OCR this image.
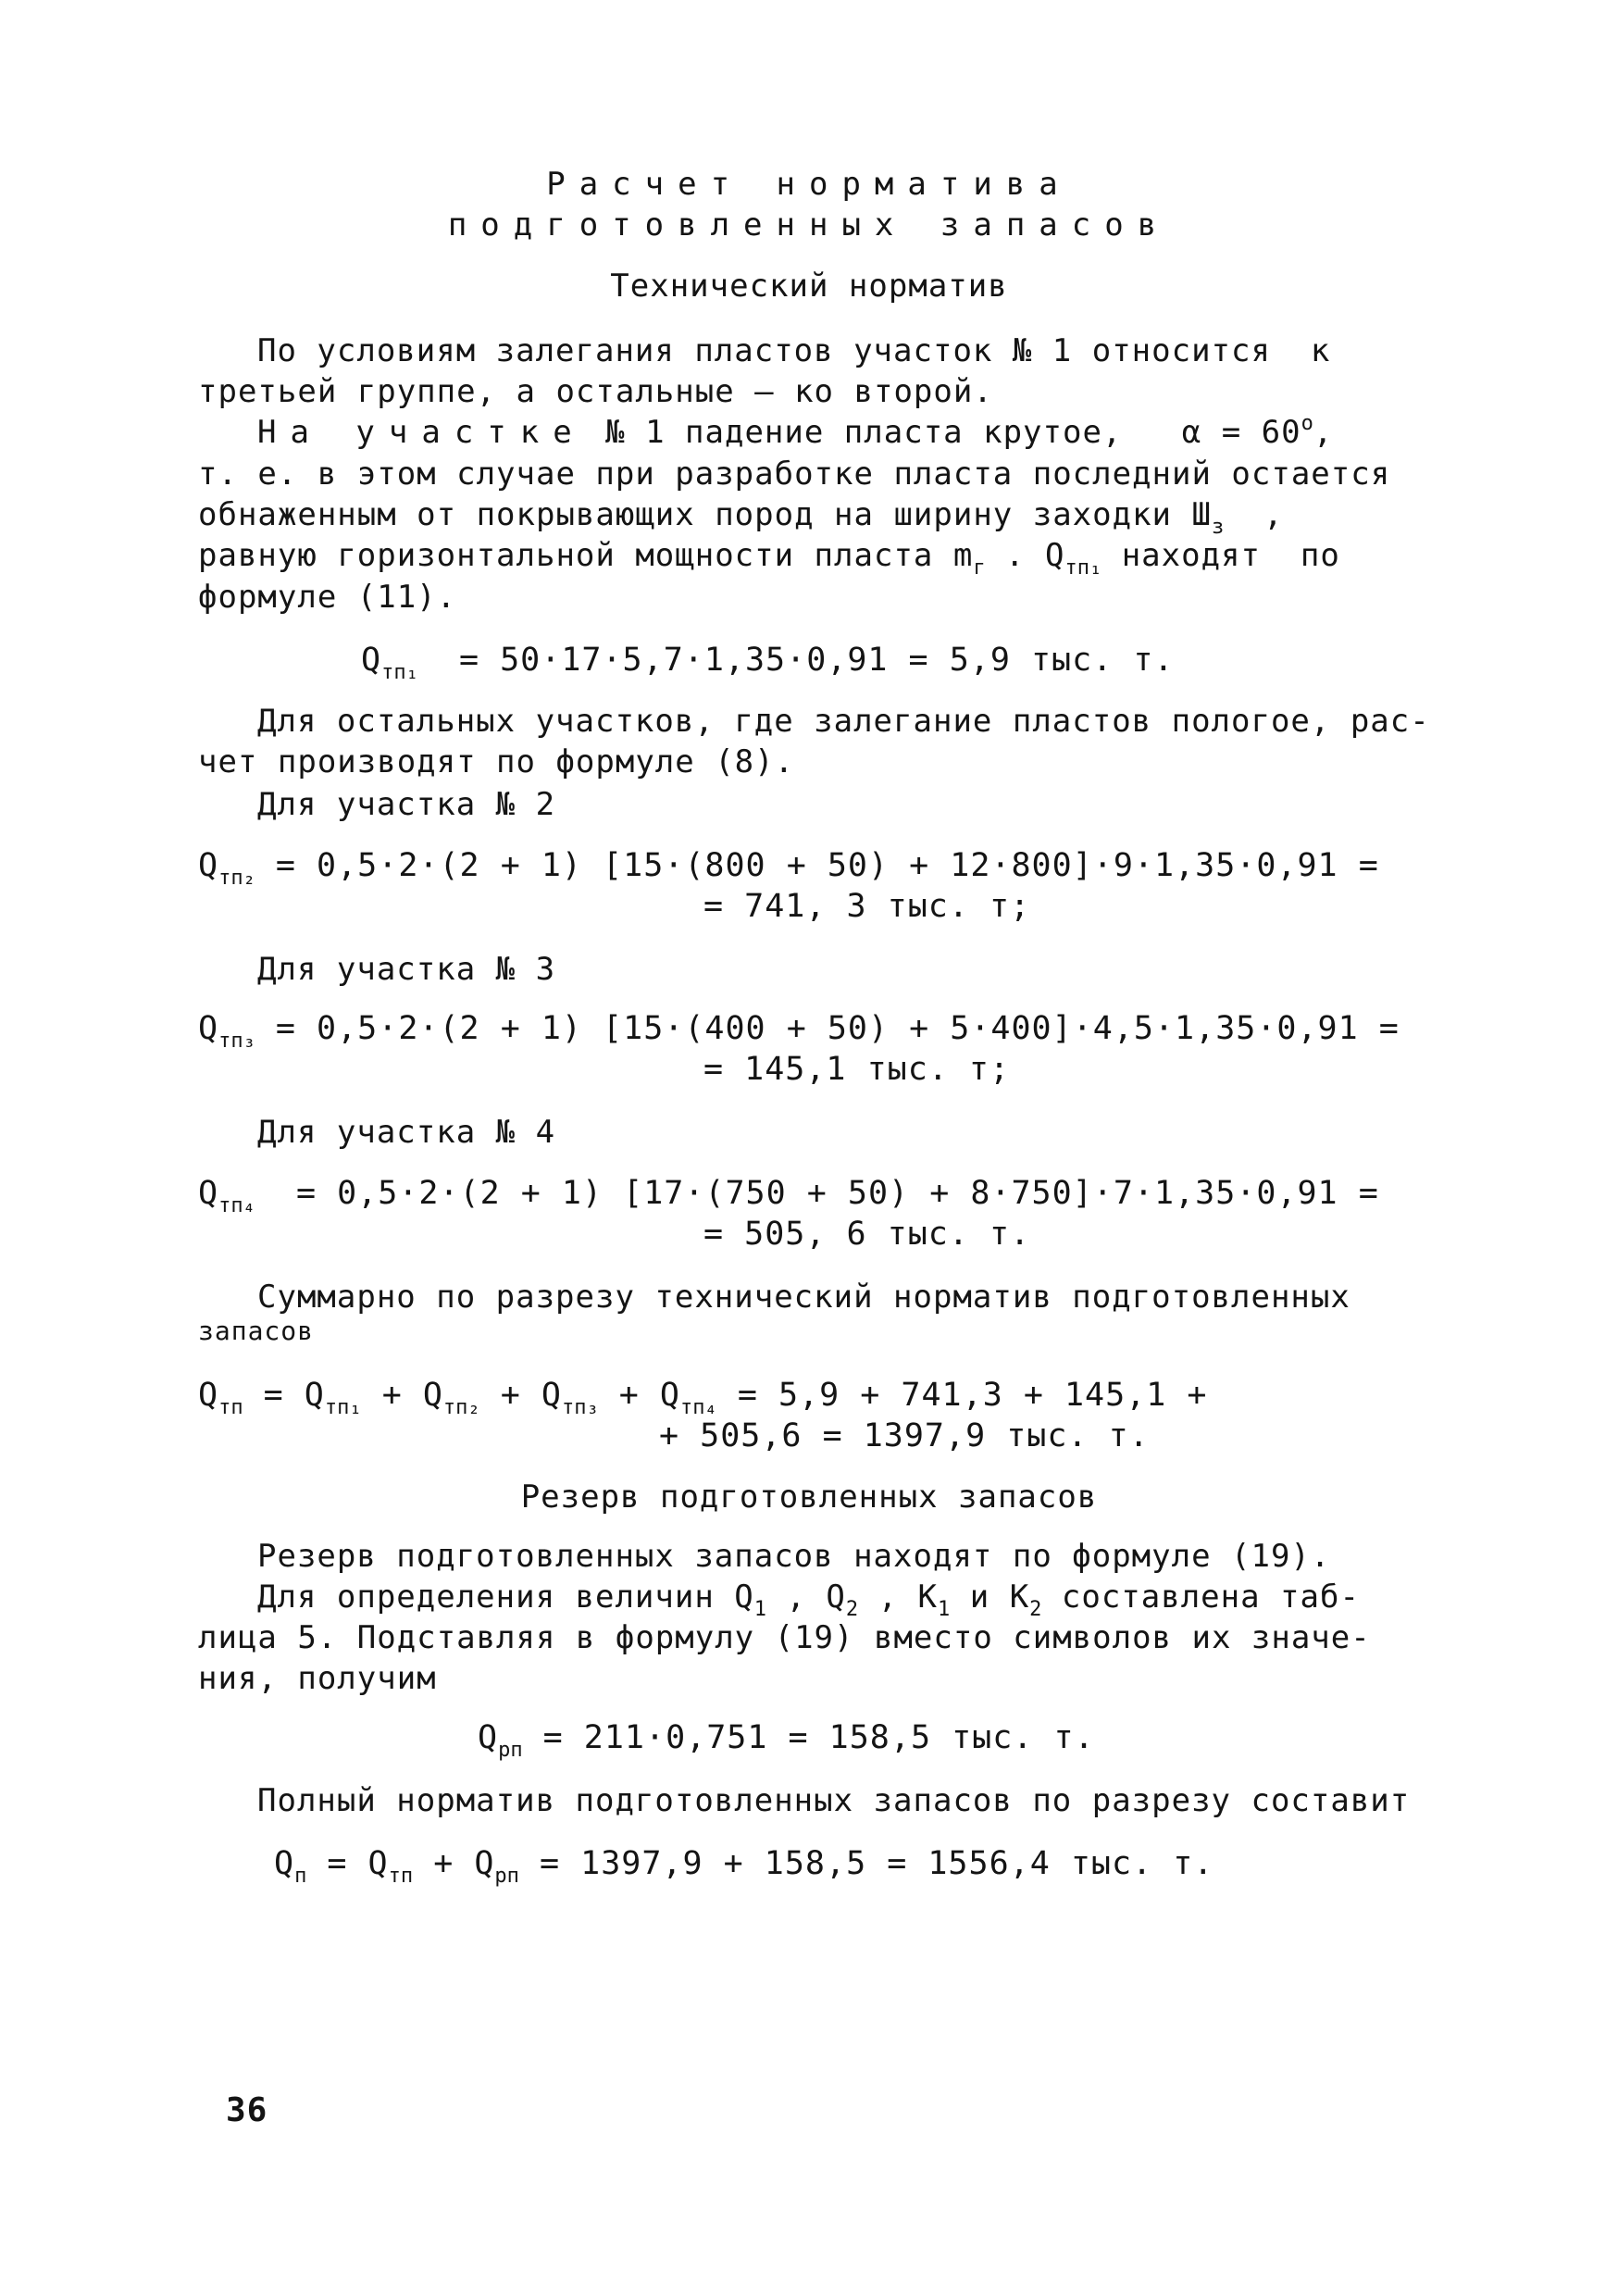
Расчет норматива
подготовленных запасов
Технический норматив
По условиям залегания пластов участок № 1 относится  к
третьей группе, а остальные – ко второй.
На участке № 1 падение пласта крутое,   $\alpha = 60^о$,
т. е. в этом случае при разработке пласта последний остается
обнаженным от покрывающих пород на ширину заходки $Ш_з$  ,
равную горизонтальной мощности пласта $m_г$ . $Q_{тп_1}$ находят  по
формуле (11).
$Q_{тп_1} = 50\cdot 17\cdot 5,7\cdot 1,35\cdot 0,91 = 5,9$ тыс. т.
Для остальных участков, где залегание пластов пологое, рас-
чет производят по формуле (8).
Для участка № 2
$Q_{тп_2} = 0,5\cdot 2\cdot(2 + 1) [15\cdot(800 + 50) + 12\cdot 800]\cdot 9\cdot 1,35\cdot 0,91$ =
= 741, 3 тыс. т;
Для участка № 3
$Q_{тп_3} = 0,5\cdot 2\cdot(2 + 1) [15\cdot(400 + 50) + 5\cdot 400]\cdot 4,5\cdot 1,35\cdot 0,91$ =
= 145,1 тыс. т;
Для участка № 4
$Q_{тп_4} = 0,5\cdot 2\cdot(2 + 1) [17\cdot(750 + 50) + 8\cdot 750]\cdot 7\cdot 1,35\cdot 0,91$ =
= 505, 6 тыс. т.
Суммарно по разрезу технический норматив подготовленных
запасов
$Q_{тп} = Q_{тп_1} + Q_{тп_2} + Q_{тп_3} + Q_{тп_4} = 5,9 + 741,3 + 145,1$ +
+ 505,6 = 1397,9 тыс. т.
Резерв подготовленных запасов
Резерв подготовленных запасов находят по формуле (19).
Для определения величин $Q_1$ , $Q_2$ , $K_1$ и $K_2$ составлена таб-
лица 5. Подставляя в формулу (19) вместо символов их значе-
ния, получим
$Q_{рп} = 211\cdot 0,751 = 158,5$ тыс. т.
Полный норматив подготовленных запасов по разрезу составит
$Q_п = Q_{тп} + Q_{рп} = 1397,9 + 158,5 = 1556,4$ тыс. т.
36
